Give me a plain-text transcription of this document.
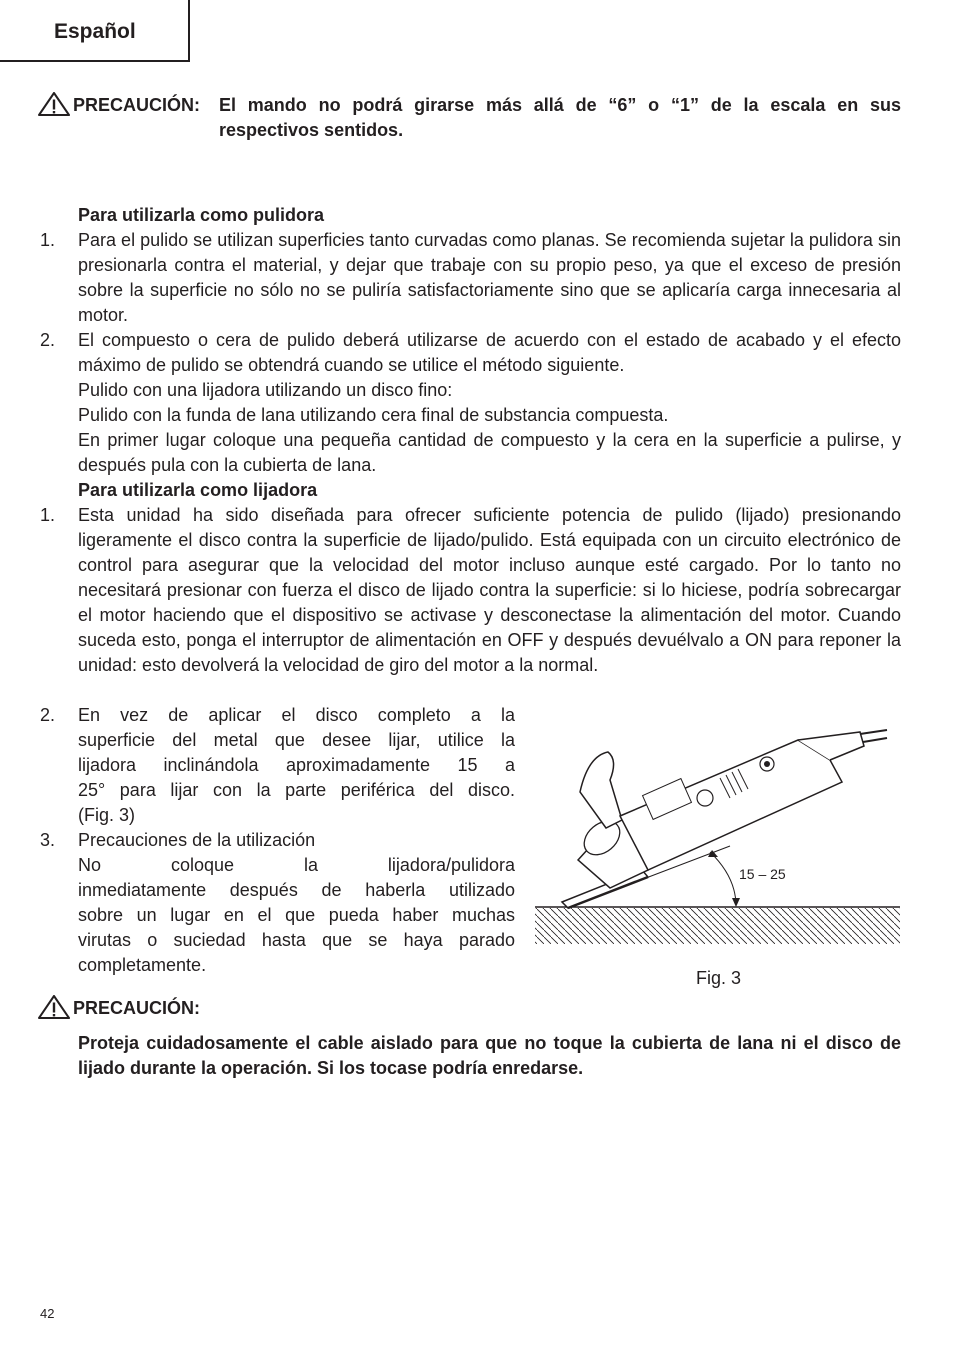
Español
PRECAUCIÓN: El mando no podrá girarse más allá de “6” o “1” de la escala en sus
respectivos sentidos.
Para utilizarla como pulidora
1. Para el pulido se utilizan superficies tanto curvadas como planas. Se recomienda sujetar la pulidora sin presionarla contra el material, y dejar que trabaje con su propio peso, ya que el exceso de presión sobre la superficie no sólo no se puliría satisfactoriamente sino que se aplicaría carga innecesaria al motor.
2. El compuesto o cera de pulido deberá utilizarse de acuerdo con el estado de acabado y el efecto máximo de pulido se obtendrá cuando se utilice el método siguiente.
Pulido con una lijadora utilizando un disco fino:
Pulido con la funda de lana utilizando cera final de substancia compuesta.
En primer lugar coloque una pequeña cantidad de compuesto y la cera en la superficie a pulirse, y después pula con la cubierta de lana.
Para utilizarla como lijadora
1. Esta unidad ha sido diseñada para ofrecer suficiente potencia de pulido (lijado) presionando ligeramente el disco contra la superficie de lijado/pulido. Está equipada con un circuito electrónico de control para asegurar que la velocidad del motor incluso aunque esté cargado. Por lo tanto no necesitará presionar con fuerza el disco de lijado contra la superficie: si lo hiciese, podría sobrecargar el motor haciendo que el dispositivo se activase y desconectase la alimentación del motor. Cuando suceda esto, ponga el interruptor de alimentación en OFF y después devuélvalo a ON para reponer la unidad: esto devolverá la velocidad de giro del motor a la normal.
2. En vez de aplicar el disco completo a la
superficie del metal que desee lijar, utilice la
lijadora inclinándola aproximadamente 15 a
25° para lijar con la parte periférica del disco.
(Fig. 3)
3. Precauciones de la utilización
No coloque la lijadora/pulidora
inmediatamente después de haberla utilizado
sobre un lugar en el que pueda haber muchas
virutas o suciedad hasta que se haya parado
completamente.
15 – 25
Fig. 3
PRECAUCIÓN:
Proteja cuidadosamente el cable aislado para que no toque la cubierta de lana ni el disco de lijado durante la operación. Si los tocase podría enredarse.
42
